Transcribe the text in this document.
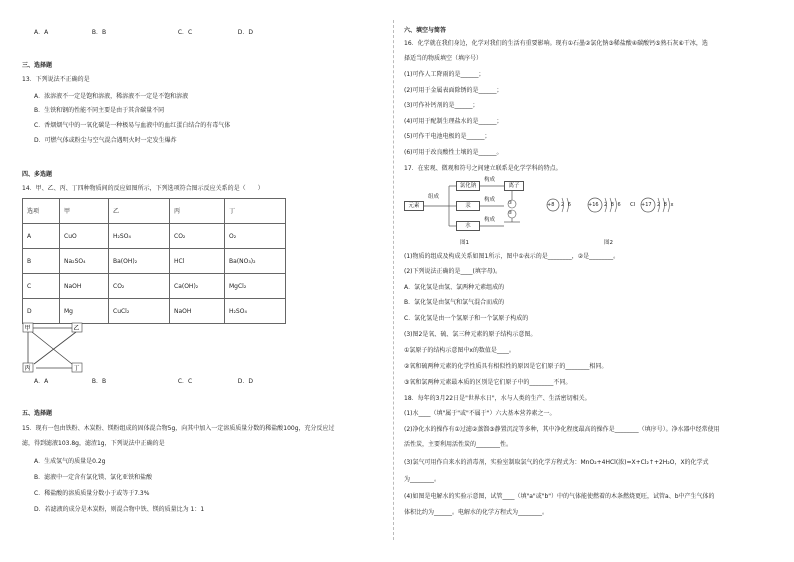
A．A	B．B	C．C	D．D
三、选择题
13．下列说法不正确的是
A．浓溶液不一定是饱和溶液，稀溶液不一定是不饱和溶液
B．生铁和钢的性能不同主要是由于其含碳量不同
C．香烟烟气中的一氧化碳是一种极易与血液中的血红蛋白结合的有毒气体
D．可燃气体或粉尘与空气混合遇明火时一定发生爆炸
四、多选题
14．甲、乙、丙、丁四种物质间的反应如图所示，下列选项符合图示反应关系的是（　　）
选项	甲	乙	丙	丁
A	CuO	H₂SO₄	CO₂	O₂
B	Na₂SO₄	Ba(OH)₂	HCl	Ba(NO₃)₂
C	NaOH	CO₂	Ca(OH)₂	MgCl₂
D	Mg	CuCl₂	NaOH	H₂SO₄
甲	乙
丙	丁
A．A	B．B	C．C	D．D
五、选择题
15．现有一包由铁粉、木炭粉、镁粉组成的固体混合物5g，向其中加入一定溶质质量分数的稀盐酸100g，充分反应过
滤，得到滤液103.8g，滤渣1g，下列说法中正确的是
A．生成氢气的质量是0.2g
B．滤液中一定含有氯化镁、氯化亚铁和盐酸
C．稀盐酸的溶质质量分数小于或等于7.3%
D．若滤液的成分是木炭粉，则混合物中铁、镁的质量比为 1：1
六、填空与简答
16．化学就在我们身边，化学对我们的生活有重要影响。现有①石墨②氯化钠③稀盐酸④碳酸钙⑤熟石灰⑥干冰，选
择适当的物质填空（填序号）
(1)可作人工降雨的是______；
(2)可用于金属表面除锈的是______；
(3)可作补钙剂的是______；
(4)可用于配制生理盐水的是______；
(5)可作干电池电极的是______；
(6)可用于改良酸性土壤的是______。
17．在宏观、微观和符号之间建立联系是化学学科的特点。
元素
组成
氯化钠
汞
水
构成
构成
构成
离子
①
②
图1
+8 2 6	+16 2 8 6 Cl +17 2 8 x
图2
(1)物质的组成及构成关系如图1所示，图中①表示的是________，②是________。
(2)下列说法正确的是____(填字母)。
A．氯化氢是由氢、氯两种元素组成的
B．氯化氢是由氢气和氯气混合而成的
C．氯化氢是由一个氢原子和一个氯原子构成的
(3)图2是氧、硫、氯三种元素的原子结构示意图。
①氯原子的结构示意图中x的数值是____。
②氧和硫两种元素的化学性质具有相似性的原因是它们原子的________相同。
③氧和氯两种元素最本质的区别是它们原子中的________不同。
18．每年的3月22日是"世界水日"，水与人类的生产、生活密切相关。
(1)水____（填"属于"或"不属于"）六大基本营养素之一。
(2)净化水的操作有①过滤②蒸馏③静置沉淀等多种，其中净化程度最高的操作是________（填序号）。净水器中经常使用
活性炭，主要利用活性炭的________性。
(3)氯气可用作自来水的消毒剂，实验室制取氯气的化学方程式为：MnO₂+4HCl(浓)=X+Cl₂↑+2H₂O，X的化学式
为________。
(4)如图是电解水的实验示意图，试管____（填"a"或"b"）中的气体能使燃着的木条燃烧更旺，试管a、b中产生气体的
体积比约为______。电解水的化学方程式为________。
